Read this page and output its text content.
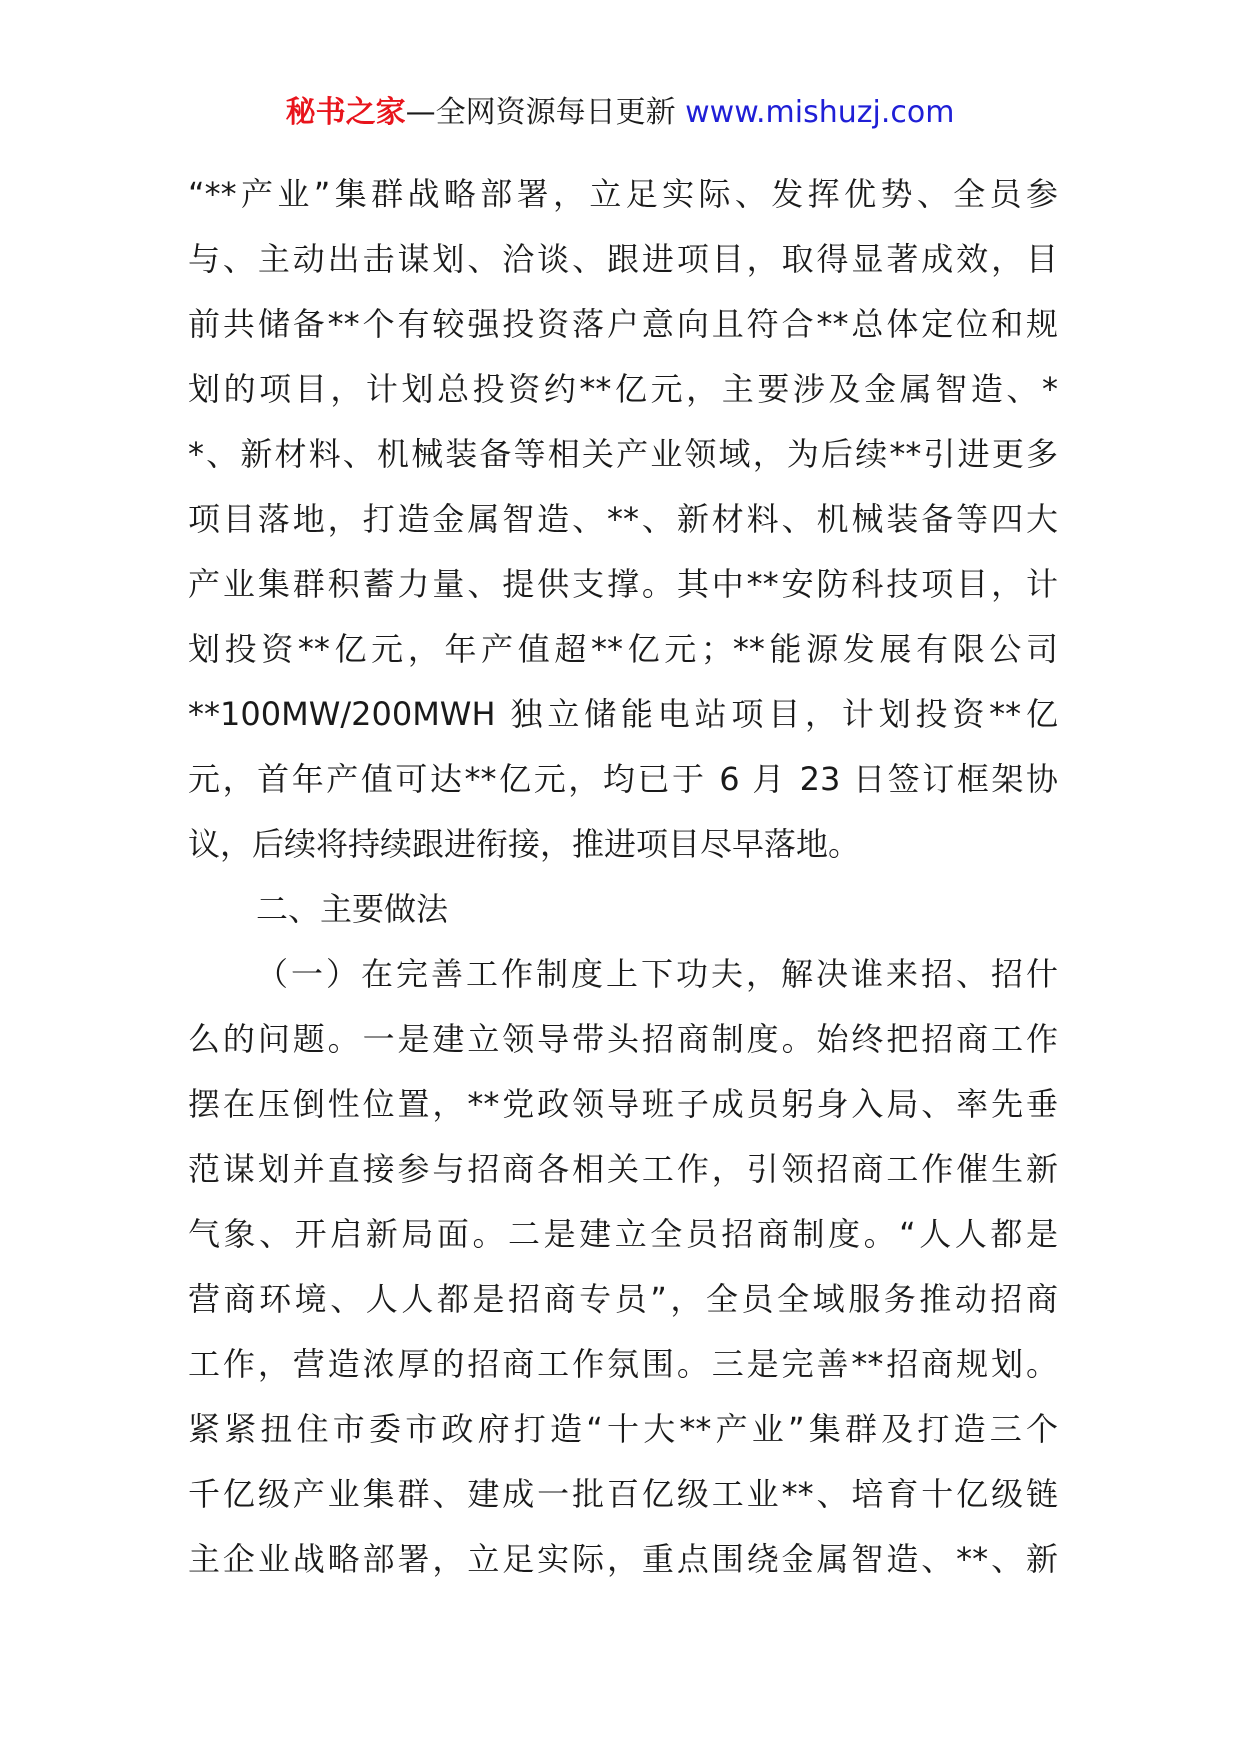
秘书之家—全网资源每日更新 www.mishuzj.com
“**产业”集群战略部署，立足实际、发挥优势、全员参
与、主动出击谋划、洽谈、跟进项目，取得显著成效，目
前共储备**个有较强投资落户意向且符合**总体定位和规
划的项目，计划总投资约**亿元，主要涉及金属智造、*
*、新材料、机械装备等相关产业领域，为后续**引进更多
项目落地，打造金属智造、**、新材料、机械装备等四大
产业集群积蓄力量、提供支撑。其中**安防科技项目，计
划投资**亿元，年产值超**亿元；**能源发展有限公司
**100MW/200MWH 独立储能电站项目，计划投资**亿
元，首年产值可达**亿元，均已于 6 月 23 日签订框架协
议，后续将持续跟进衔接，推进项目尽早落地。
二、主要做法
（一）在完善工作制度上下功夫，解决谁来招、招什
么的问题。一是建立领导带头招商制度。始终把招商工作
摆在压倒性位置，**党政领导班子成员躬身入局、率先垂
范谋划并直接参与招商各相关工作，引领招商工作催生新
气象、开启新局面。二是建立全员招商制度。“人人都是
营商环境、人人都是招商专员”，全员全域服务推动招商
工作，营造浓厚的招商工作氛围。三是完善**招商规划。
紧紧扭住市委市政府打造“十大**产业”集群及打造三个
千亿级产业集群、建成一批百亿级工业**、培育十亿级链
主企业战略部署，立足实际，重点围绕金属智造、**、新
